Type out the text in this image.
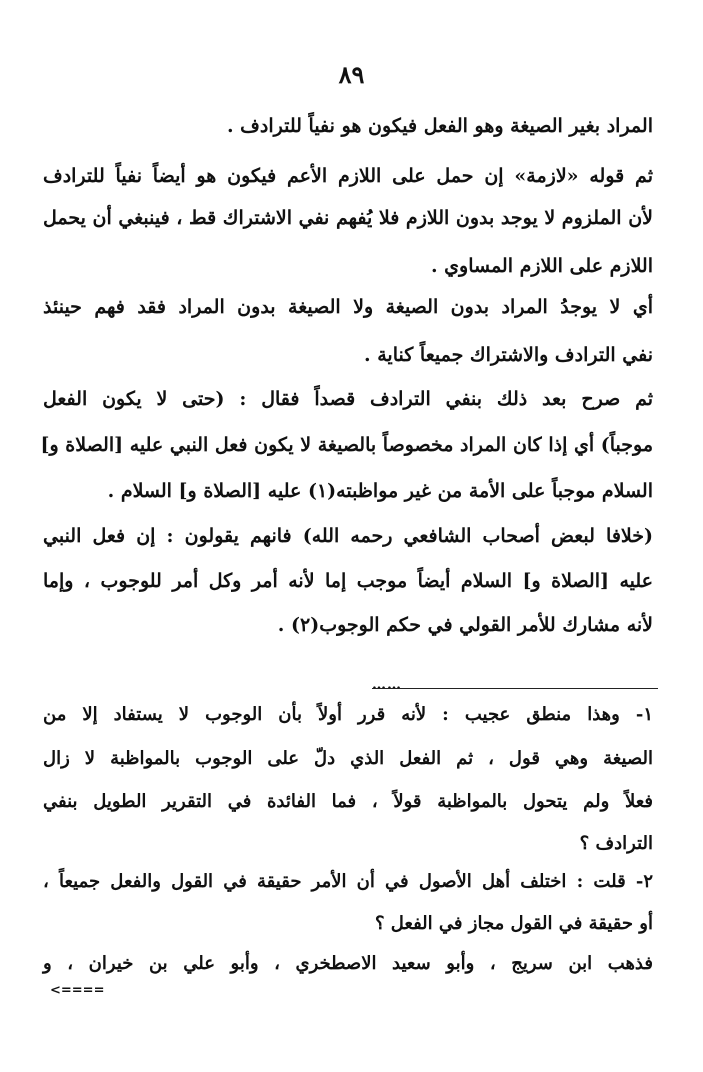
٨٩
المراد بغير الصيغة وهو الفعل فيكون هو نفياً للترادف .
ثم قوله «لازمة» إن حمل على اللازم الأعم فيكون هو أيضاً نفياً للترادف
لأن الملزوم لا يوجد بدون اللازم فلا يُفهم نفي الاشتراك قط ، فينبغي أن يحمل
اللازم على اللازم المساوي .
أي لا يوجدُ المراد بدون الصيغة ولا الصيغة بدون المراد فقد فهم حينئذ
نفي الترادف والاشتراك جميعاً كناية .
ثم صرح بعد ذلك بنفي الترادف قصداً فقال : (حتى لا يكون الفعل
موجباً) أي إذا كان المراد مخصوصاً بالصيغة لا يكون فعل النبي عليه [الصلاة و]
السلام موجباً على الأمة من غير مواظبته(١) عليه [الصلاة و] السلام .
(خلافا لبعض أصحاب الشافعي رحمه الله) فانهم يقولون : إن فعل النبي
عليه [الصلاة و] السلام أيضاً موجب إما لأنه أمر وكل أمر للوجوب ، وإما
لأنه مشارك للأمر القولي في حكم الوجوب(٢) .
……
١- وهذا منطق عجيب : لأنه قرر أولاً بأن الوجوب لا يستفاد إلا من
الصيغة وهي قول ، ثم الفعل الذي دلّ على الوجوب بالمواظبة لا زال
فعلاً ولم يتحول بالمواظبة قولاً ، فما الفائدة في التقرير الطويل بنفي
الترادف ؟
٢- قلت : اختلف أهل الأصول في أن الأمر حقيقة في القول والفعل جميعاً ،
أو حقيقة في القول مجاز في الفعل ؟
فذهب ابن سريج ، وأبو سعيد الاصطخري ، وأبو علي بن خيران ، و
<====
